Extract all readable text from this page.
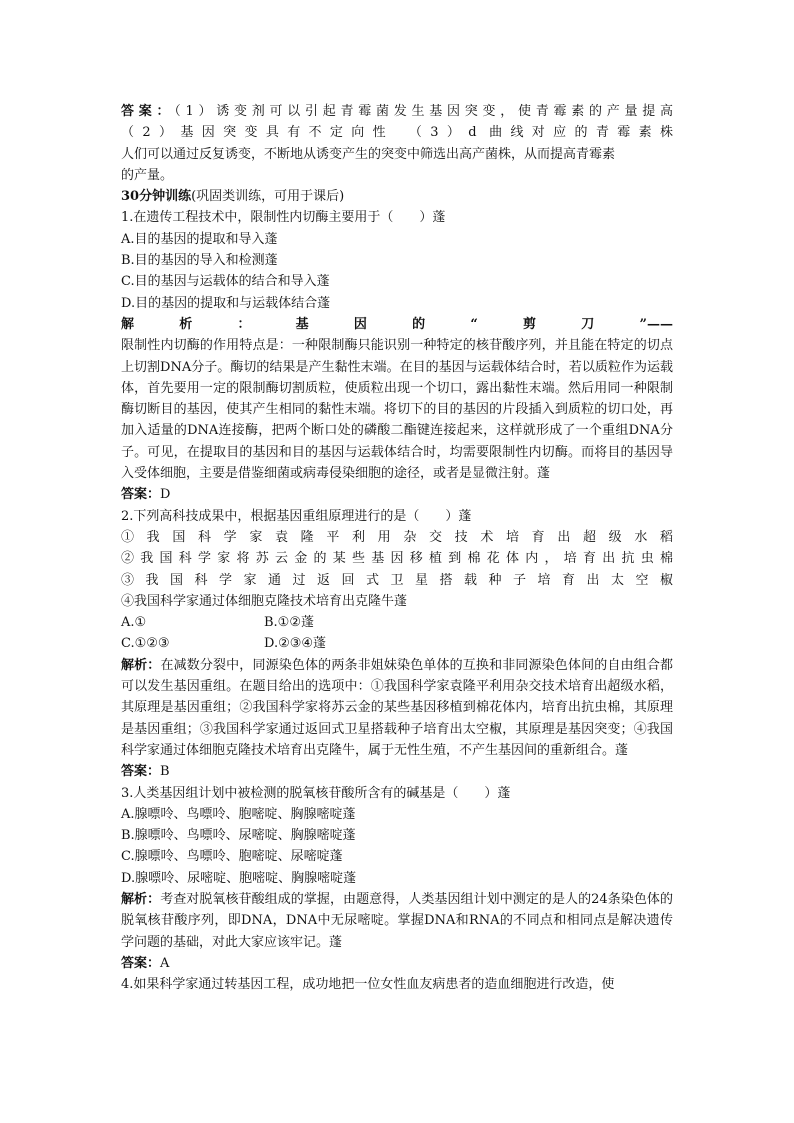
答案：（1）诱变剂可以引起青霉菌发生基因突变，使青霉素的产量提高
（2）基因突变具有不定向性　（3）d 曲线对应的青霉素株
人们可以通过反复诱变，不断地从诱变产生的突变中筛选出高产菌株，从而提高青霉素
的产量。
30分钟训练(巩固类训练，可用于课后)
1.在遗传工程技术中，限制性内切酶主要用于（　　）蓬
A.目的基因的提取和导入蓬
B.目的基因的导入和检测蓬
C.目的基因与运载体的结合和导入蓬
D.目的基因的提取和与运载体结合蓬
解析：基因的“剪刀”——
限制性内切酶的作用特点是：一种限制酶只能识别一种特定的核苷酸序列，并且能在特定的切点上切割DNA分子。酶切的结果是产生黏性末端。在目的基因与运载体结合时，若以质粒作为运载体，首先要用一定的限制酶切割质粒，使质粒出现一个切口，露出黏性末端。然后用同一种限制酶切断目的基因，使其产生相同的黏性末端。将切下的目的基因的片段插入到质粒的切口处，再加入适量的DNA连接酶，把两个断口处的磷酸二酯键连接起来，这样就形成了一个重组DNA分子。可见，在提取目的基因和目的基因与运载体结合时，均需要限制性内切酶。而将目的基因导入受体细胞，主要是借鉴细菌或病毒侵染细胞的途径，或者是显微注射。蓬
答案：D
2.下列高科技成果中，根据基因重组原理进行的是（　　）蓬
①我国科学家袁隆平利用杂交技术培育出超级水稻
②我国科学家将苏云金的某些基因移植到棉花体内，培育出抗虫棉
③我国科学家通过返回式卫星搭载种子培育出太空椒
④我国科学家通过体细胞克隆技术培育出克隆牛蓬
A.①	B.①②蓬
C.①②③	D.②③④蓬
解析：在减数分裂中，同源染色体的两条非姐妹染色单体的互换和非同源染色体间的自由组合都可以发生基因重组。在题目给出的选项中：①我国科学家袁隆平利用杂交技术培育出超级水稻，其原理是基因重组；②我国科学家将苏云金的某些基因移植到棉花体内，培育出抗虫棉，其原理是基因重组；③我国科学家通过返回式卫星搭载种子培育出太空椒，其原理是基因突变；④我国科学家通过体细胞克隆技术培育出克隆牛，属于无性生殖，不产生基因间的重新组合。蓬
答案：B
3.人类基因组计划中被检测的脱氧核苷酸所含有的碱基是（　　）蓬
A.腺嘌呤、鸟嘌呤、胞嘧啶、胸腺嘧啶蓬
B.腺嘌呤、鸟嘌呤、尿嘧啶、胸腺嘧啶蓬
C.腺嘌呤、鸟嘌呤、胞嘧啶、尿嘧啶蓬
D.腺嘌呤、尿嘧啶、胞嘧啶、胸腺嘧啶蓬
解析：考查对脱氧核苷酸组成的掌握，由题意得，人类基因组计划中测定的是人的24条染色体的脱氧核苷酸序列，即DNA，DNA中无尿嘧啶。掌握DNA和RNA的不同点和相同点是解决遗传学问题的基础，对此大家应该牢记。蓬
答案：A
4.如果科学家通过转基因工程，成功地把一位女性血友病患者的造血细胞进行改造，使
